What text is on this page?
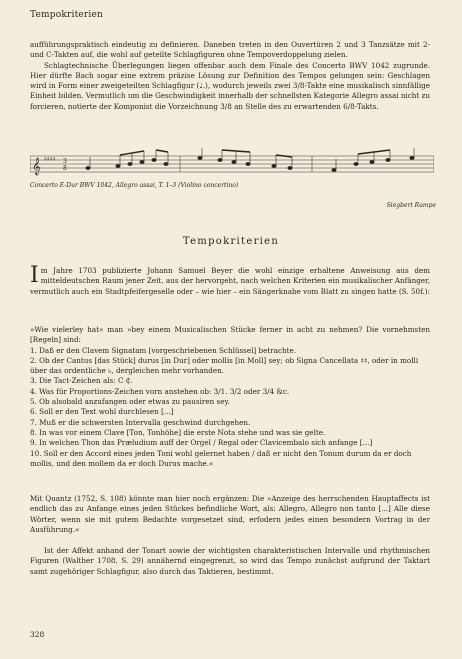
Tempokriterien
aufführungspraktisch eindeutig zu definieren. Daneben treten in den Ouvertüren 2 und 3 Tanzsätze mit 2- und C-Takten auf, die wohl auf geteilte Schlagfiguren ohne Tempoverdoppelung zielen.
Schlagtechnische Überlegungen liegen offenbar auch dem Finale des Concerto BWV 1042 zugrunde. Hier dürfte Bach sogar eine extrem präzise Lösung zur Definition des Tempos gelungen sein: Geschlagen wird in Form einer zweigeteilten Schlagfigur (♩.), wodurch jeweils zwei 3/8-Takte eine musikalisch sinnfällige Einheit bilden. Vermutlich um die Geschwindigkeit innerhalb der schnellsten Kategorie Allegro assai nicht zu forcieren, notierte der Komponist die Vorzeichnung 3/8 an Stelle des zu erwartenden 6/8-Takts.
𝄞 ♯♯♯♯ 3
8
Concerto E-Dur BWV 1042, Allegro assai, T. 1–3 (Violino concertino)
Siegbert Rampe
Tempokriterien
I m Jahre 1703 publizierte Johann Samuel Beyer die wohl einzige erhaltene Anweisung aus dem mitteldeutschen Raum jener Zeit, aus der hervorgeht, nach welchen Kriterien ein musikalischer Anfänger, vermutlich auch ein Stadtpfeifergeselle oder – wie hier – ein Sängerknabe vom Blatt zu singen hatte (S. 50f.):
»Wie vielerley hat« man »bey einem Musicalischen Stücke ferner in acht zu nehmen? Die vornehmsten [Regeln] sind:
1. Daß er den Clavem Signatam [vorgeschriebenen Schlüssel] betrachte.
2. Ob der Cantus [das Stück] durus [in Dur] oder mollis [in Moll] sey; ob Signa Cancellata ♯♯, oder in molli über das ordentliche ♭, dergleichen mehr vorhanden.
3. Die Tact-Zeichen als: C ₵.
4. Was für Proportions-Zeichen vorn anstehen ob: 3/1. 3/2 oder 3/4 &c.
5. Ob alsobald anzufangen oder etwas zu pausiren sey.
6. Soll er den Text wohl durchlesen [...]
7. Muß er die schwersten Intervalla geschwind durchgehen.
8. In was vor einem Clave [Ton, Tonhöhe] die erste Nota stehe und was sie gelte.
9. In welchen Thon das Præludium auff der Orgel / Regal oder Clavicembalo sich anfange [...]
10. Soll er den Accord eines jeden Toni wohl gelernet haben / daß er nicht den Tonum durum da er doch mollis, und den mollem da er doch Durus mache.«
Mit Quantz (1752, S. 108) könnte man hier noch ergänzen: Die »Anzeige des herrschenden Hauptaffects ist endlich das zu Anfange eines jeden Stückes befindliche Wort, als: Allegro, Allegro non tanto [...] Alle diese Wörter, wenn sie mit gutem Bedachte vorgesetzet sind, erfodern jedes einen besondern Vortrag in der Ausführung.«
Ist der Affekt anhand der Tonart sowie der wichtigsten charakteristischen Intervalle und rhythmischen Figuren (Walther 1708, S. 29) annähernd eingegrenzt, so wird das Tempo zunächst aufgrund der Taktart samt zugehöriger Schlagfigur, also durch das Taktieren, bestimmt.
328
